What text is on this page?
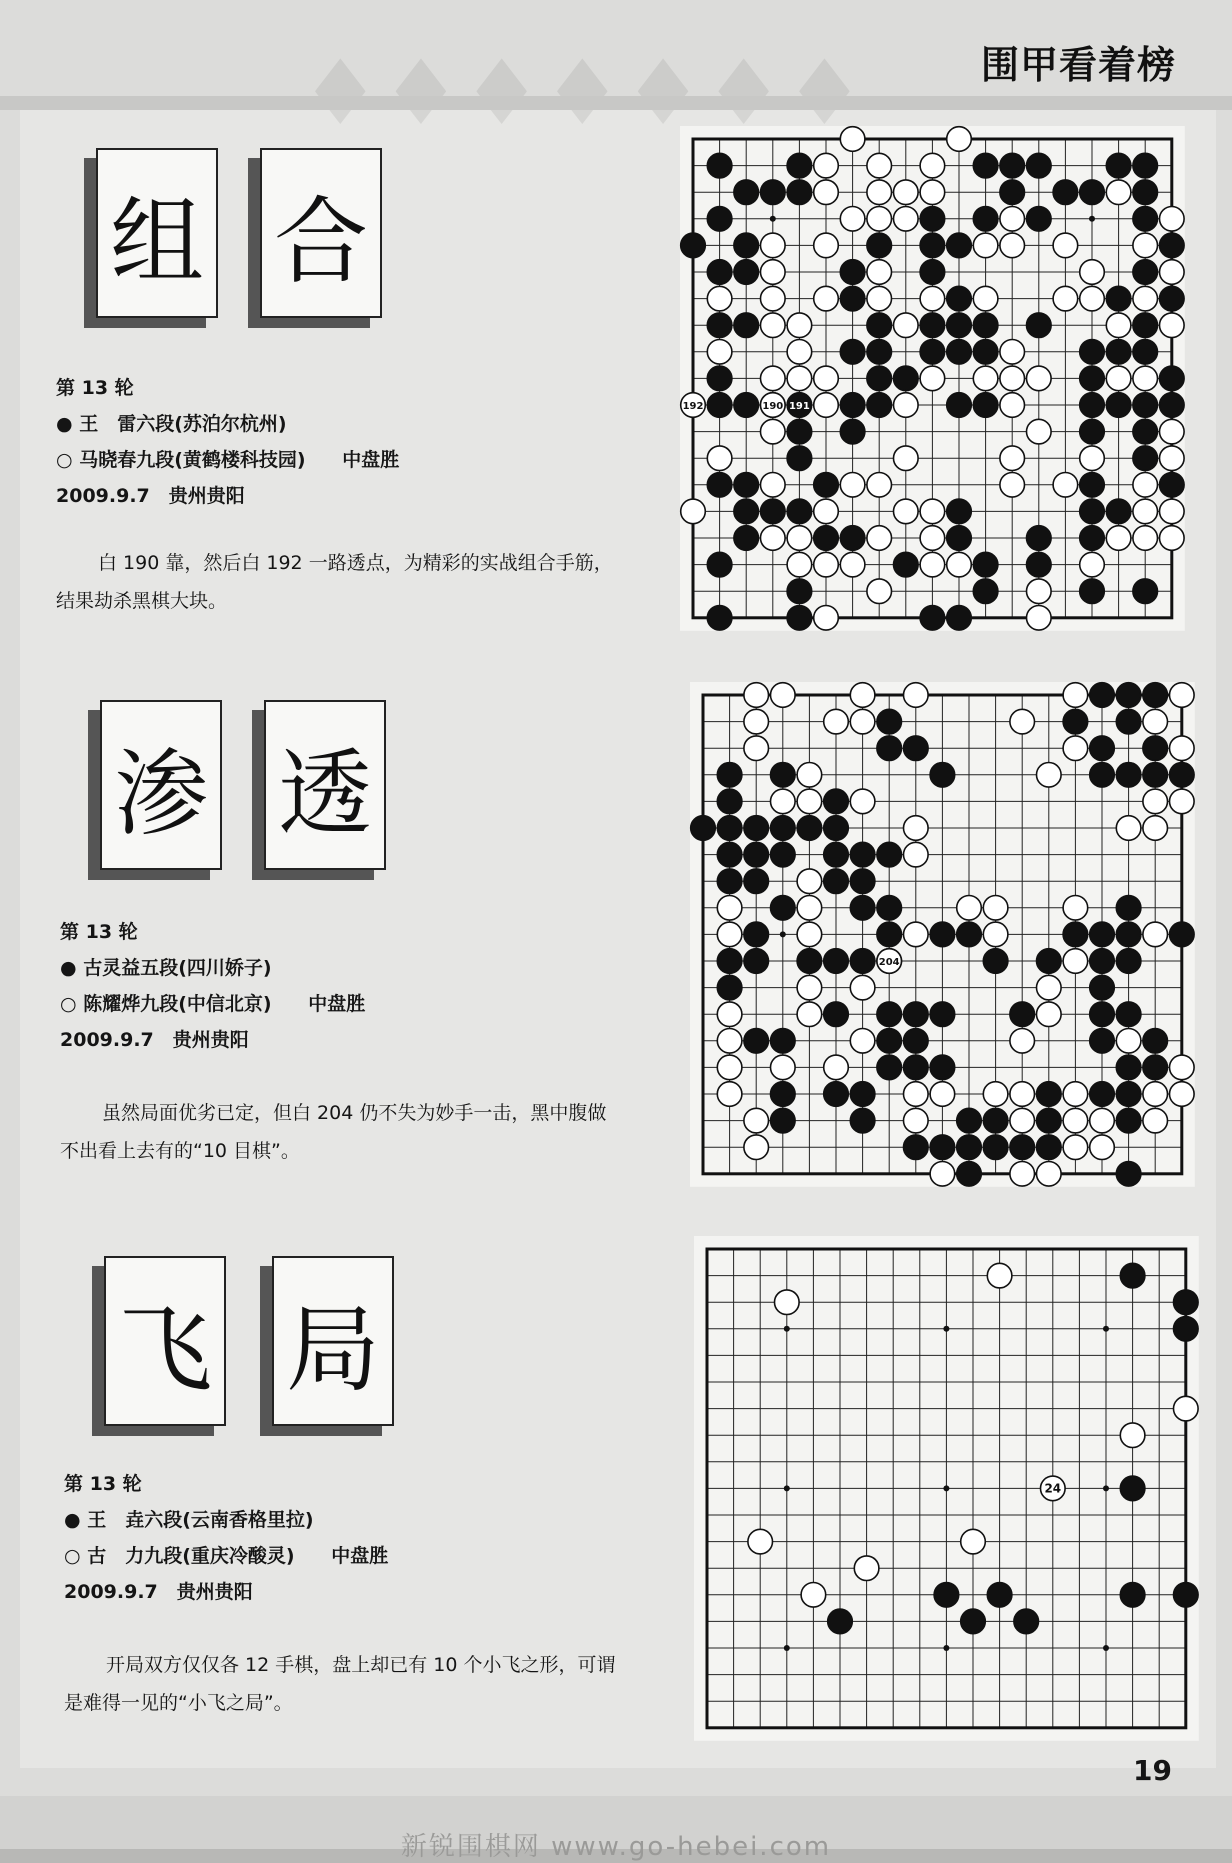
♦♦♦♦♦♦♦	围甲看着榜
组 合
第 13 轮
● 王　雷六段(苏泊尔杭州)
○ 马晓春九段(黄鹤楼科技园) 中盘胜
2009.9.7　贵州贵阳
白 190 靠，然后白 192 一路透点，为精彩的实战组合手筋，结果劫杀黑棋大块。
渗 透
第 13 轮
● 古灵益五段(四川娇子)
○ 陈耀烨九段(中信北京) 中盘胜
2009.9.7　贵州贵阳
虽然局面优劣已定，但白 204 仍不失为妙手一击，黑中腹做不出看上去有的“10 目棋”。
飞 局
第 13 轮
● 王　垚六段(云南香格里拉)
○ 古　力九段(重庆冷酸灵) 中盘胜
2009.9.7　贵州贵阳
开局双方仅仅各 12 手棋，盘上却已有 10 个小飞之形，可谓是难得一见的“小飞之局”。
192	190 191
204
24
19
新锐围棋网 www.go-hebei.com
